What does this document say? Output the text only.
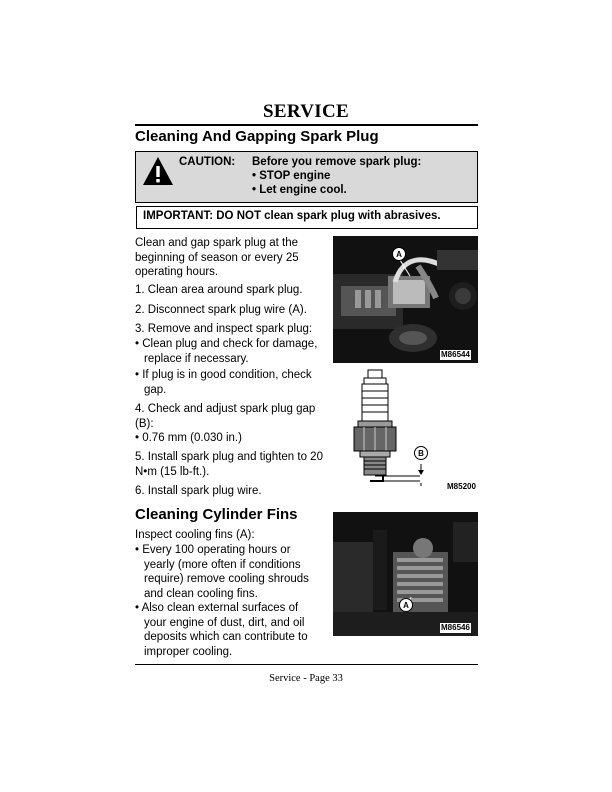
SERVICE
Cleaning And Gapping Spark Plug
CAUTION: Before you remove spark plug:
• STOP engine
• Let engine cool.
IMPORTANT: DO NOT clean spark plug with abrasives.
Clean and gap spark plug at the beginning of season or every 25 operating hours.
1. Clean area around spark plug.
2. Disconnect spark plug wire (A).
3. Remove and inspect spark plug:
• Clean plug and check for damage, replace if necessary.
• If plug is in good condition, check gap.
4. Check and adjust spark plug gap (B):
• 0.76 mm (0.030 in.)
5. Install spark plug and tighten to 20 N•m (15 lb-ft.).
6. Install spark plug wire.
A
M86544
B
M85200
Cleaning Cylinder Fins
Inspect cooling fins (A):
• Every 100 operating hours or yearly (more often if conditions require) remove cooling shrouds and clean cooling fins.
• Also clean external surfaces of your engine of dust, dirt, and oil deposits which can contribute to improper cooling.
A
M86546
Service - Page 33
